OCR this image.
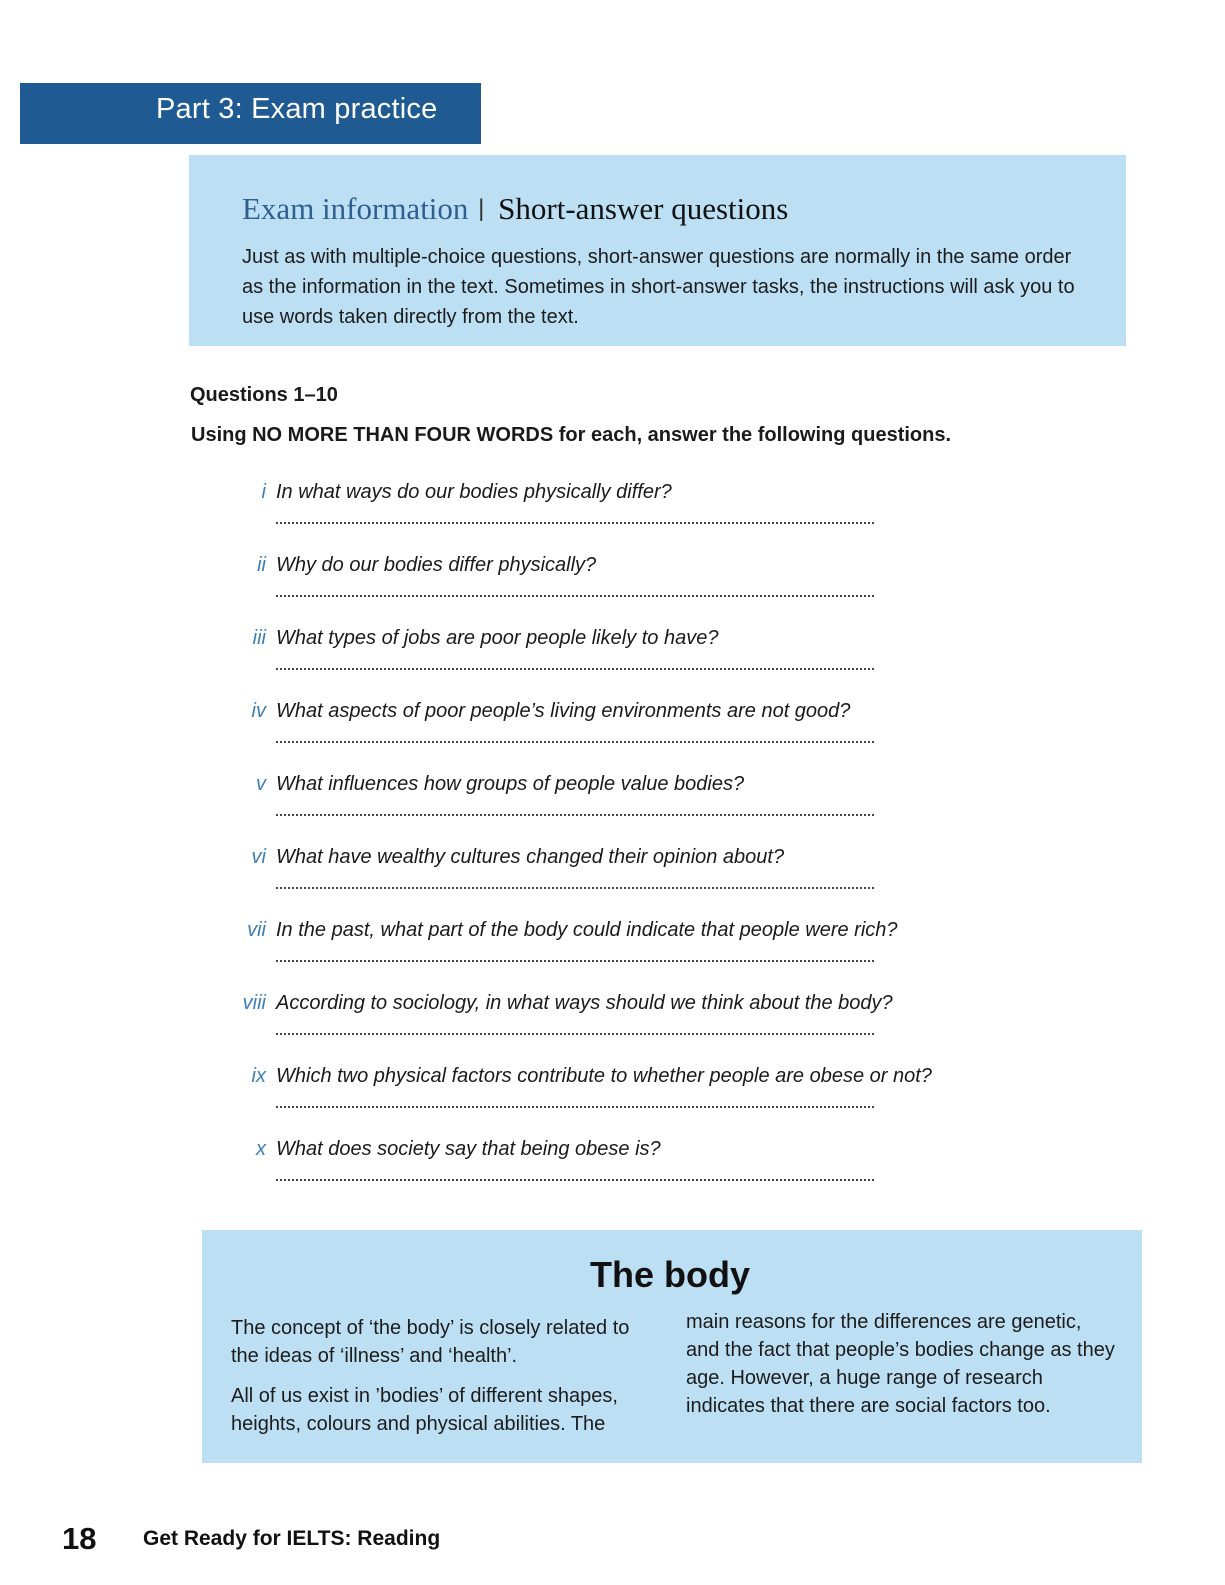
Part 3: Exam practice
Exam information | Short-answer questions

Just as with multiple-choice questions, short-answer questions are normally in the same order as the information in the text. Sometimes in short-answer tasks, the instructions will ask you to use words taken directly from the text.

Questions 1–10
Using NO MORE THAN FOUR WORDS for each, answer the following questions.
i In what ways do our bodies physically differ?
ii Why do our bodies differ physically?
iii What types of jobs are poor people likely to have?
iv What aspects of poor people’s living environments are not good?
v What influences how groups of people value bodies?
vi What have wealthy cultures changed their opinion about?
vii In the past, what part of the body could indicate that people were rich?
viii According to sociology, in what ways should we think about the body?
ix Which two physical factors contribute to whether people are obese or not?
x What does society say that being obese is?
The body

The concept of ‘the body’ is closely related to the ideas of ‘illness’ and ‘health’.

All of us exist in ’bodies’ of different shapes, heights, colours and physical abilities. The

main reasons for the differences are genetic, and the fact that people’s bodies change as they age. However, a huge range of research indicates that there are social factors too.

18 Get Ready for IELTS: Reading
